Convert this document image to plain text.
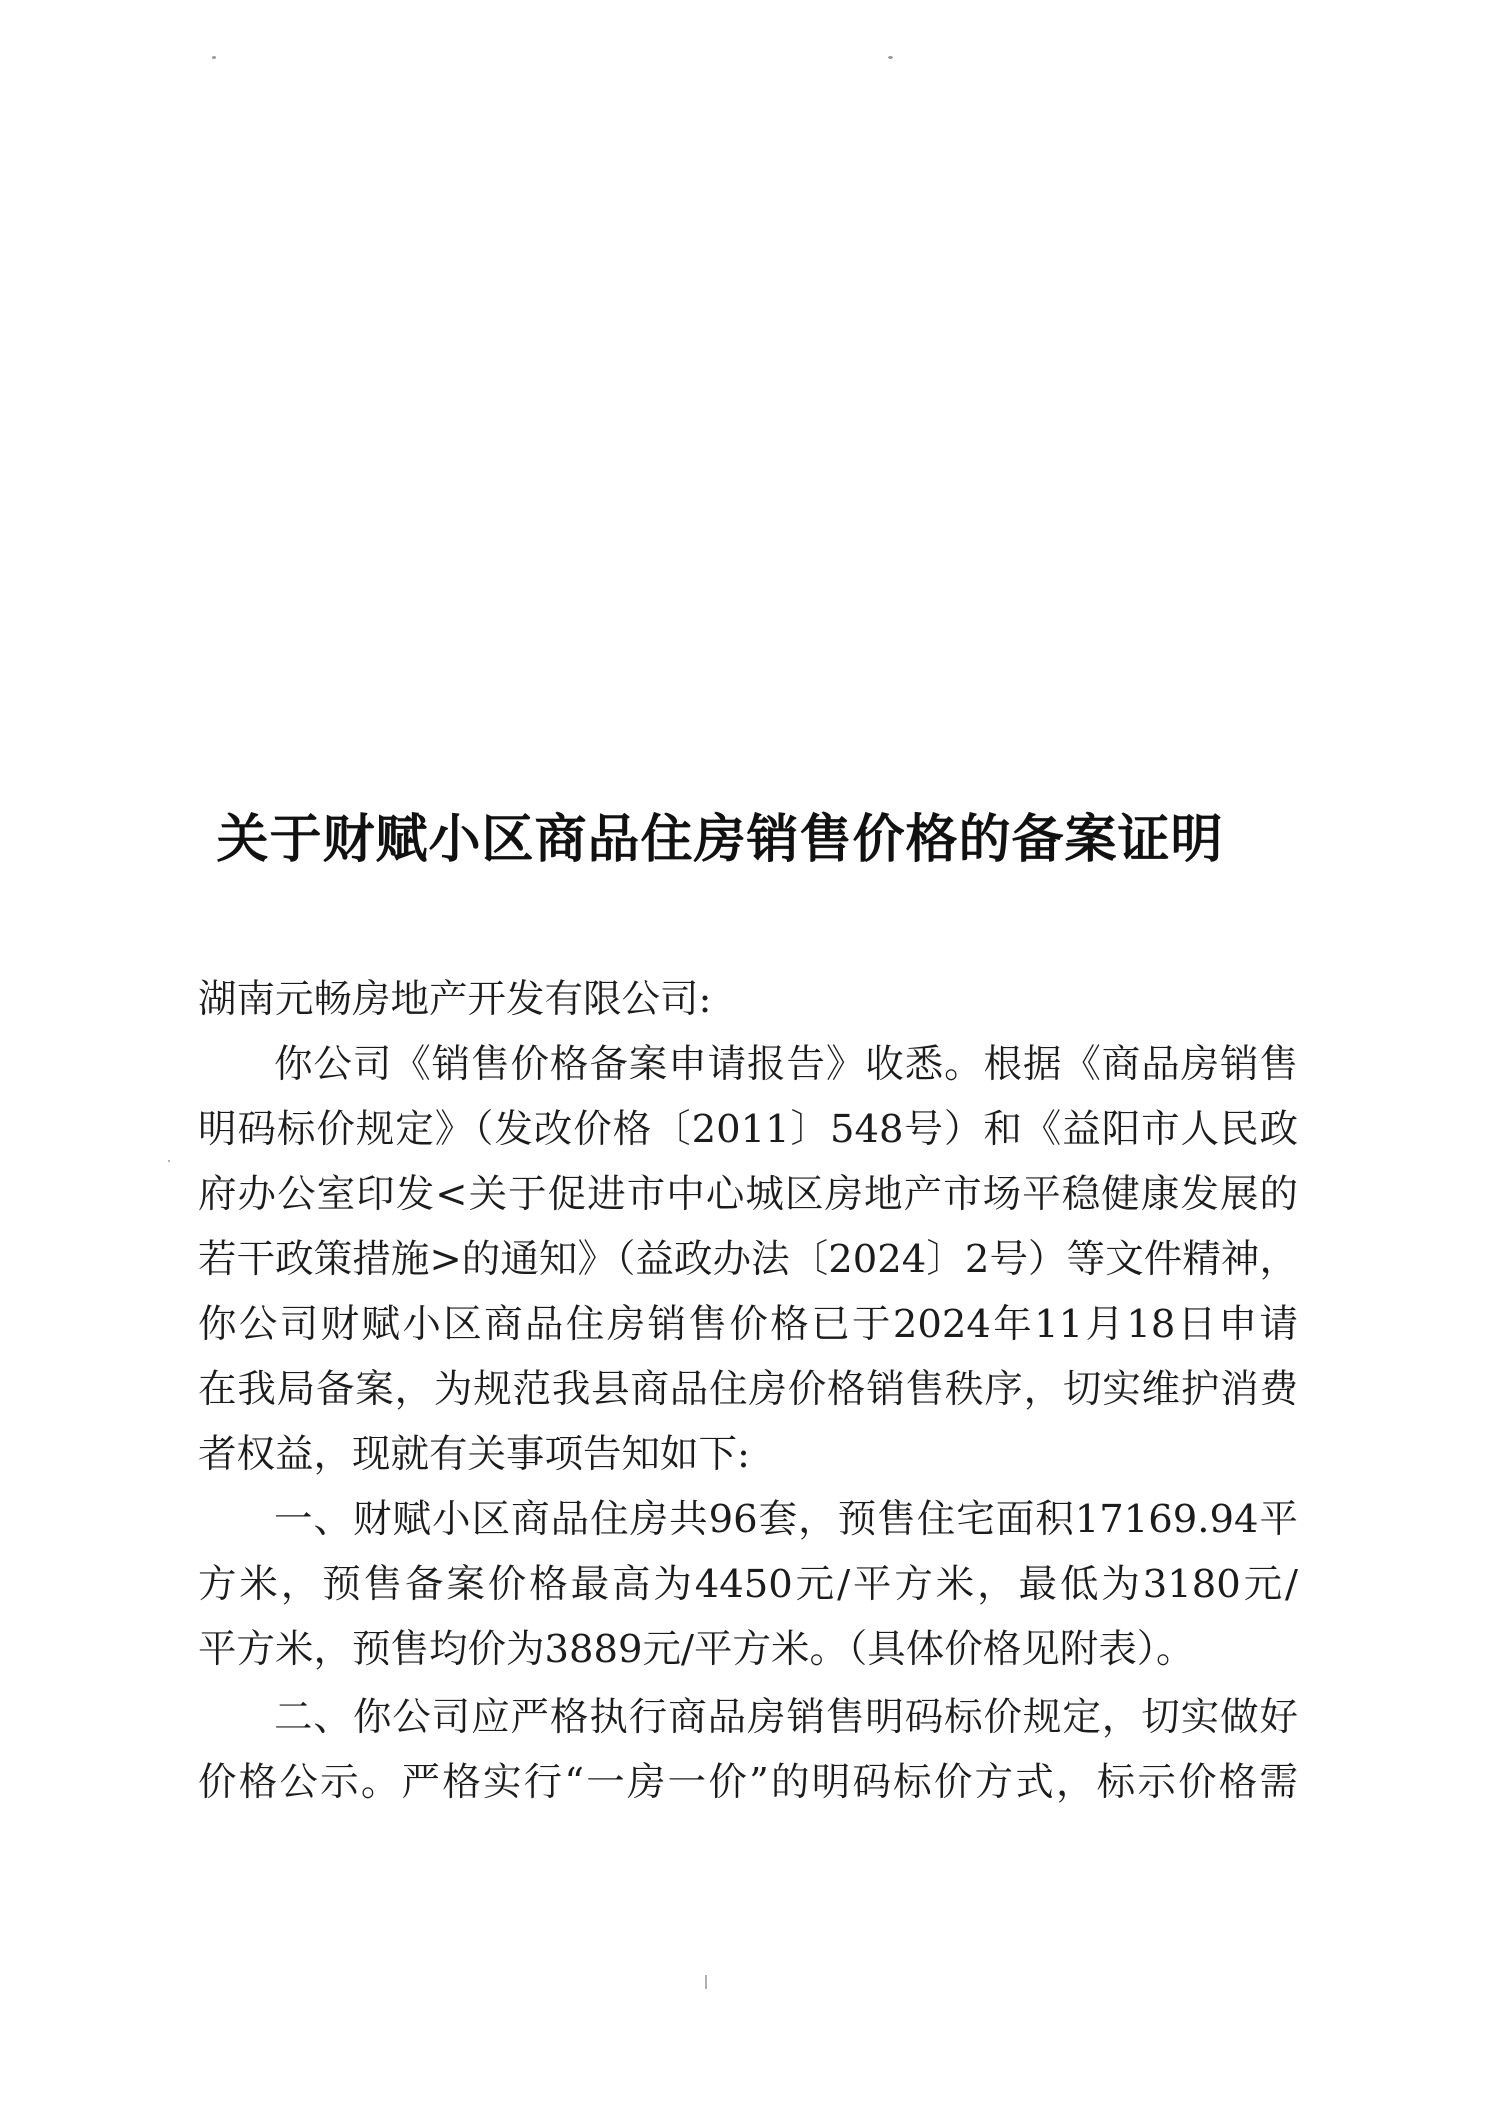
关于财赋小区商品住房销售价格的备案证明
湖南元畅房地产开发有限公司:
你公司《销售价格备案申请报告》收悉。根据《商品房销售
明码标价规定》（发改价格〔2011〕548号）和《益阳市人民政
府办公室印发<关于促进市中心城区房地产市场平稳健康发展的
若干政策措施>的通知》（益政办法〔2024〕2号）等文件精神，
你公司财赋小区商品住房销售价格已于2024年11月18日申请
在我局备案，为规范我县商品住房价格销售秩序，切实维护消费
者权益，现就有关事项告知如下:
一、财赋小区商品住房共96套，预售住宅面积17169.94平
方米，预售备案价格最高为4450元/平方米，最低为3180元/
平方米，预售均价为3889元/平方米。（具体价格见附表）。
二、你公司应严格执行商品房销售明码标价规定，切实做好
价格公示。严格实行“一房一价”的明码标价方式，标示价格需
